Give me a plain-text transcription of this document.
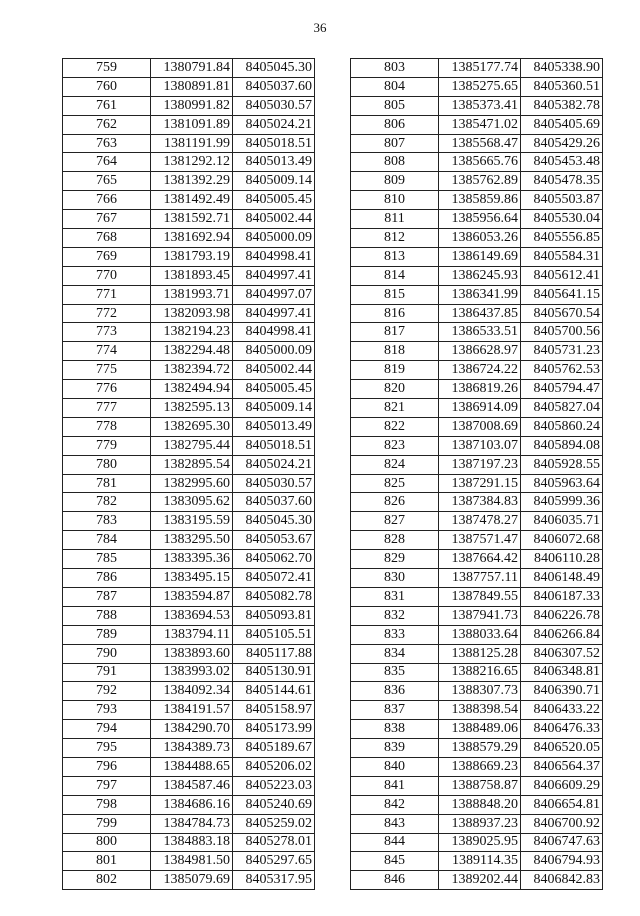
36
759	1380791.84	8405045.30
760	1380891.81	8405037.60
761	1380991.82	8405030.57
762	1381091.89	8405024.21
763	1381191.99	8405018.51
764	1381292.12	8405013.49
765	1381392.29	8405009.14
766	1381492.49	8405005.45
767	1381592.71	8405002.44
768	1381692.94	8405000.09
769	1381793.19	8404998.41
770	1381893.45	8404997.41
771	1381993.71	8404997.07
772	1382093.98	8404997.41
773	1382194.23	8404998.41
774	1382294.48	8405000.09
775	1382394.72	8405002.44
776	1382494.94	8405005.45
777	1382595.13	8405009.14
778	1382695.30	8405013.49
779	1382795.44	8405018.51
780	1382895.54	8405024.21
781	1382995.60	8405030.57
782	1383095.62	8405037.60
783	1383195.59	8405045.30
784	1383295.50	8405053.67
785	1383395.36	8405062.70
786	1383495.15	8405072.41
787	1383594.87	8405082.78
788	1383694.53	8405093.81
789	1383794.11	8405105.51
790	1383893.60	8405117.88
791	1383993.02	8405130.91
792	1384092.34	8405144.61
793	1384191.57	8405158.97
794	1384290.70	8405173.99
795	1384389.73	8405189.67
796	1384488.65	8405206.02
797	1384587.46	8405223.03
798	1384686.16	8405240.69
799	1384784.73	8405259.02
800	1384883.18	8405278.01
801	1384981.50	8405297.65
802	1385079.69	8405317.95
803	1385177.74	8405338.90
804	1385275.65	8405360.51
805	1385373.41	8405382.78
806	1385471.02	8405405.69
807	1385568.47	8405429.26
808	1385665.76	8405453.48
809	1385762.89	8405478.35
810	1385859.86	8405503.87
811	1385956.64	8405530.04
812	1386053.26	8405556.85
813	1386149.69	8405584.31
814	1386245.93	8405612.41
815	1386341.99	8405641.15
816	1386437.85	8405670.54
817	1386533.51	8405700.56
818	1386628.97	8405731.23
819	1386724.22	8405762.53
820	1386819.26	8405794.47
821	1386914.09	8405827.04
822	1387008.69	8405860.24
823	1387103.07	8405894.08
824	1387197.23	8405928.55
825	1387291.15	8405963.64
826	1387384.83	8405999.36
827	1387478.27	8406035.71
828	1387571.47	8406072.68
829	1387664.42	8406110.28
830	1387757.11	8406148.49
831	1387849.55	8406187.33
832	1387941.73	8406226.78
833	1388033.64	8406266.84
834	1388125.28	8406307.52
835	1388216.65	8406348.81
836	1388307.73	8406390.71
837	1388398.54	8406433.22
838	1388489.06	8406476.33
839	1388579.29	8406520.05
840	1388669.23	8406564.37
841	1388758.87	8406609.29
842	1388848.20	8406654.81
843	1388937.23	8406700.92
844	1389025.95	8406747.63
845	1389114.35	8406794.93
846	1389202.44	8406842.83
